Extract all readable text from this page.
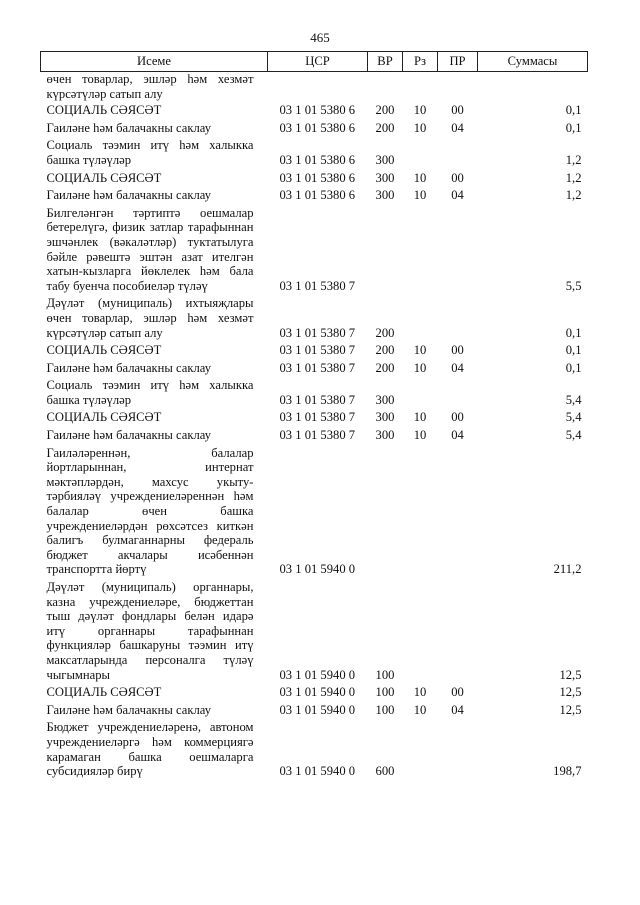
465
Исеме	ЦСР	ВР	Рз	ПР	Суммасы
өчен товарлар, эшләр һәм хезмәт күрсәтүләр сатып алу					
СОЦИАЛЬ СӘЯСӘТ	03 1 01 5380 6	200	10	00	0,1
Гаиләне һәм балачакны саклау	03 1 01 5380 6	200	10	04	0,1
Социаль тәэмин итү һәм халыкка башка түләүләр	03 1 01 5380 6	300			1,2
СОЦИАЛЬ СӘЯСӘТ	03 1 01 5380 6	300	10	00	1,2
Гаиләне һәм балачакны саклау	03 1 01 5380 6	300	10	04	1,2
Билгеләнгән тәртиптә оешмалар бетерелүгә, физик затлар тарафыннан эшчәнлек (вәкаләтләр) туктатылуга бәйле рәвештә эштән азат ителгән хатын-кызларга йөклелек һәм бала табу буенча пособиеләр түләү	03 1 01 5380 7				5,5
Дәүләт (муниципаль) ихтыяҗлары өчен товарлар, эшләр һәм хезмәт күрсәтүләр сатып алу	03 1 01 5380 7	200			0,1
СОЦИАЛЬ СӘЯСӘТ	03 1 01 5380 7	200	10	00	0,1
Гаиләне һәм балачакны саклау	03 1 01 5380 7	200	10	04	0,1
Социаль тәэмин итү һәм халыкка башка түләүләр	03 1 01 5380 7	300			5,4
СОЦИАЛЬ СӘЯСӘТ	03 1 01 5380 7	300	10	00	5,4
Гаиләне һәм балачакны саклау	03 1 01 5380 7	300	10	04	5,4
Гаиләләреннән, балалар йортларыннан, интернат мәктәпләрдән, махсус укыту-тәрбияләү учреждениеләреннән һәм балалар өчен башка учреждениеләрдән рөхсәтсез киткән балигъ булмаганнарны федераль бюджет акчалары исәбеннән транспортта йөртү	03 1 01 5940 0				211,2
Дәүләт (муниципаль) органнары, казна учреждениеләре, бюджеттан тыш дәүләт фондлары белән идарә итү органнары тарафыннан функцияләр башкаруны тәэмин итү максатларында персоналга түләү чыгымнары	03 1 01 5940 0	100			12,5
СОЦИАЛЬ СӘЯСӘТ	03 1 01 5940 0	100	10	00	12,5
Гаиләне һәм балачакны саклау	03 1 01 5940 0	100	10	04	12,5
Бюджет учреждениеләренә, автоном учреждениеләргә һәм коммерциягә карамаган башка оешмаларга субсидияләр бирү	03 1 01 5940 0	600			198,7
